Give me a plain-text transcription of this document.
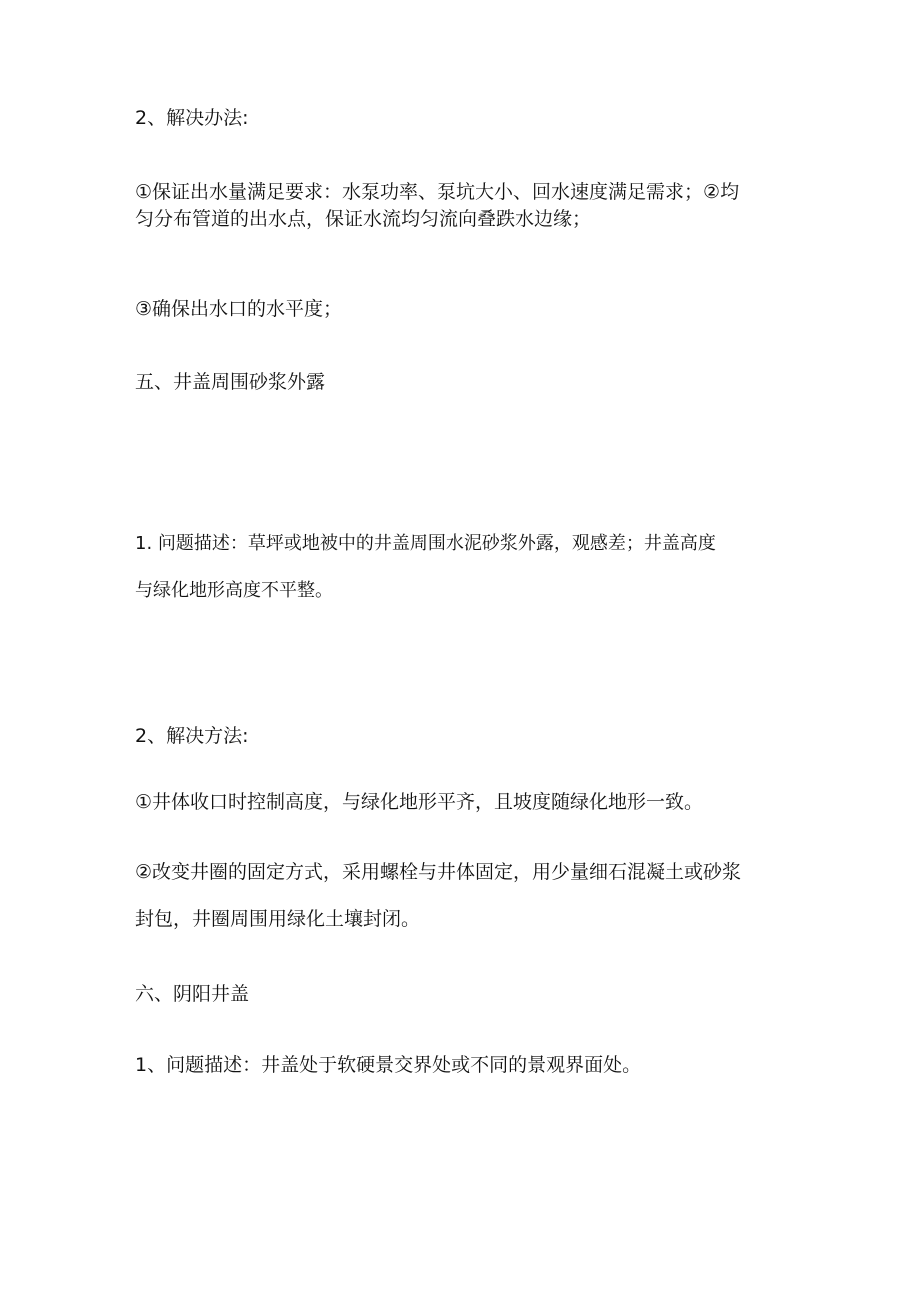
2、解决办法:

①保证出水量满足要求：水泵功率、泵坑大小、回水速度满足需求；②均

匀分布管道的出水点，保证水流均匀流向叠跌水边缘；

③确保出水口的水平度；

五、井盖周围砂浆外露

1. 问题描述：草坪或地被中的井盖周围水泥砂浆外露，观感差；井盖高度

与绿化地形高度不平整。

2、解决方法:

①井体收口时控制高度，与绿化地形平齐，且坡度随绿化地形一致。

②改变井圈的固定方式，采用螺栓与井体固定，用少量细石混凝土或砂浆

封包，井圈周围用绿化土壤封闭。

六、阴阳井盖

1、问题描述：井盖处于软硬景交界处或不同的景观界面处。
